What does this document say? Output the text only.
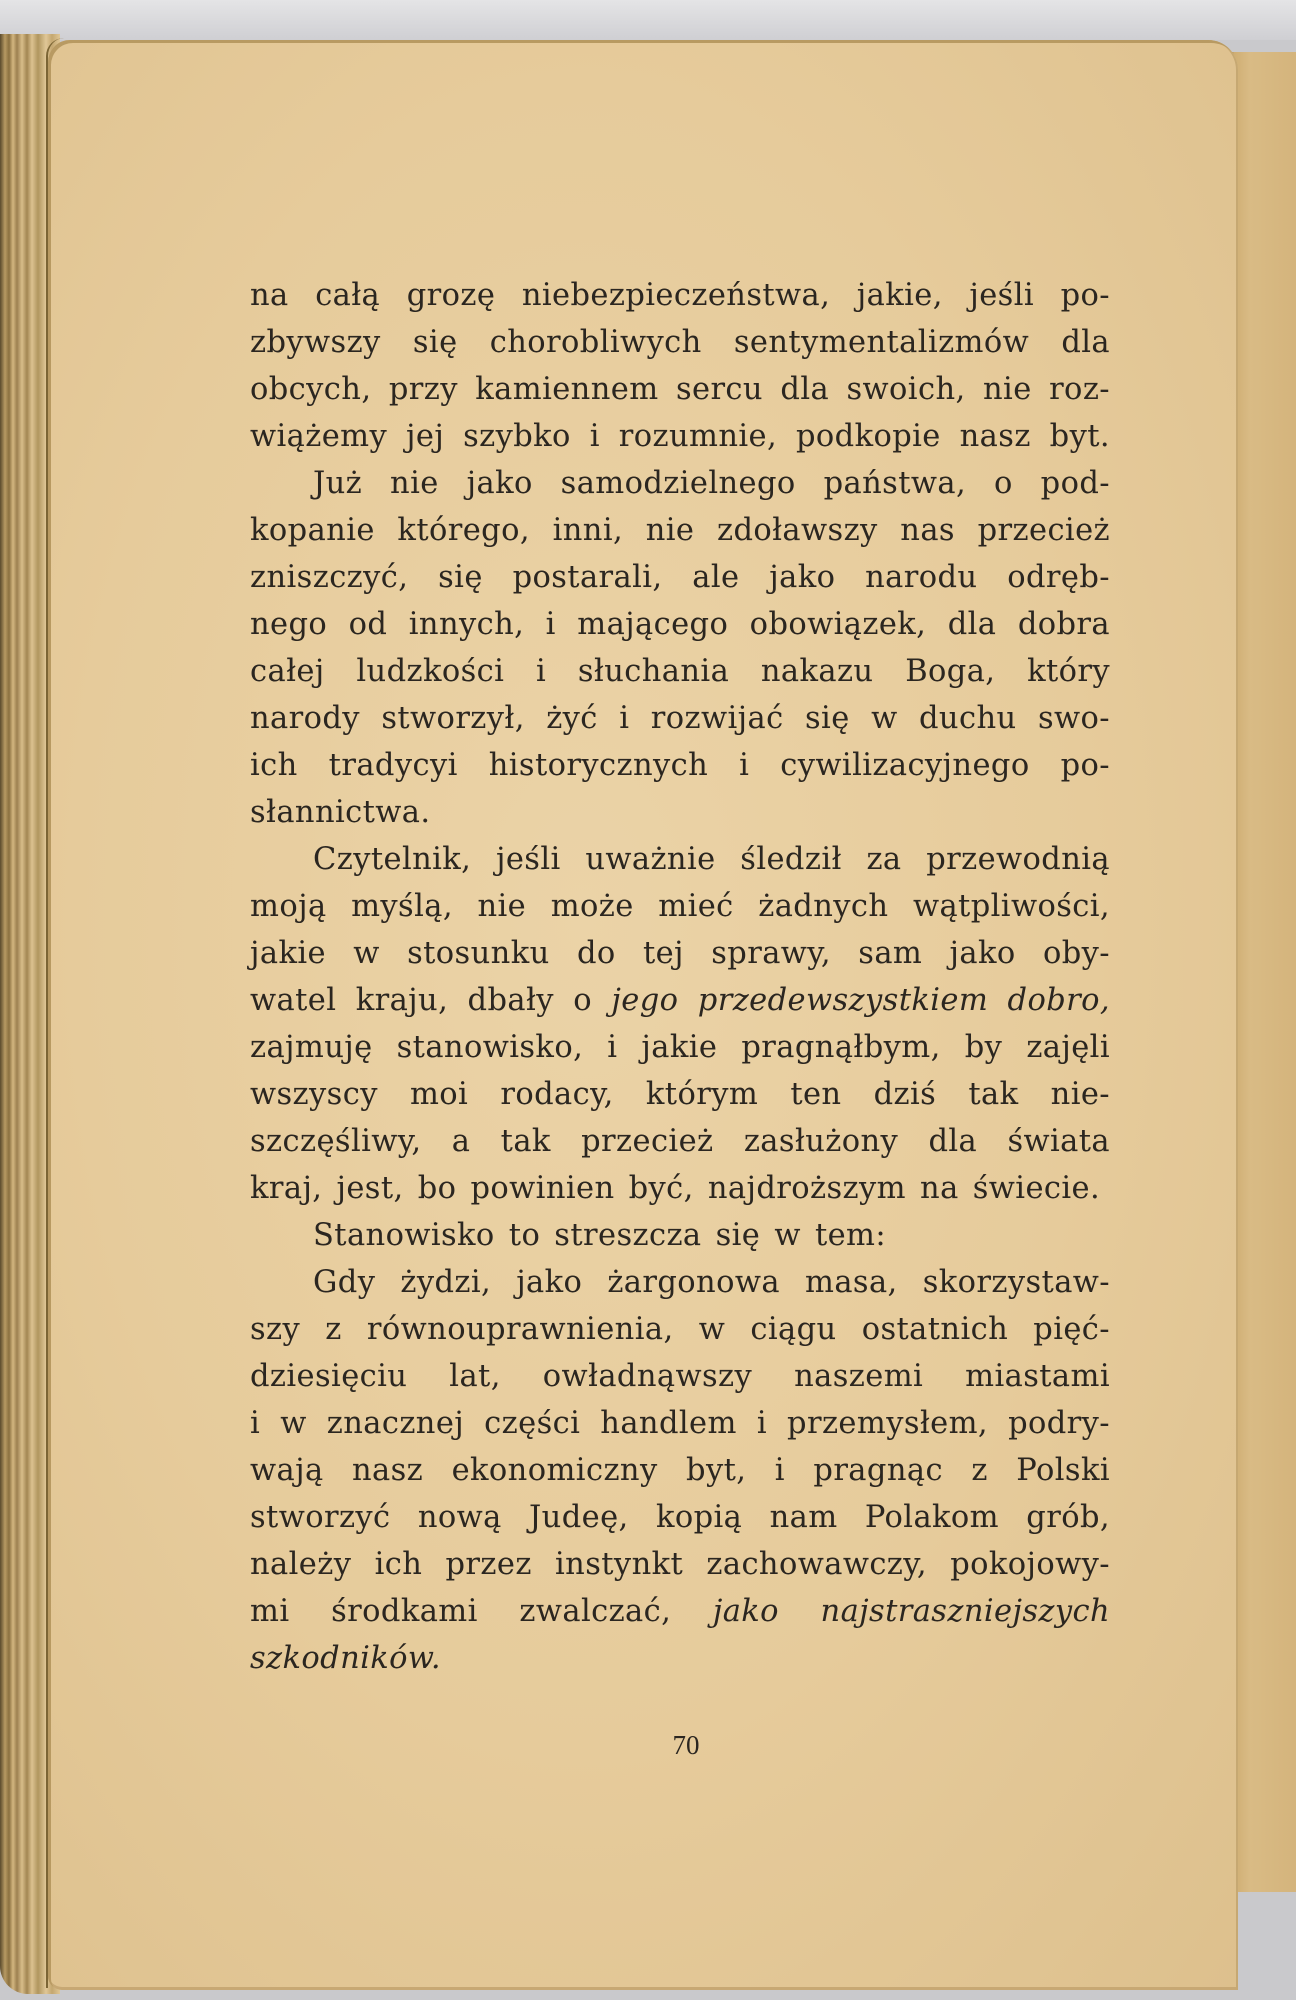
na całą grozę niebezpieczeństwa, jakie, jeśli po-
zbywszy się chorobliwych sentymentalizmów dla
obcych, przy kamiennem sercu dla swoich, nie roz-
wiążemy jej szybko i rozumnie, podkopie nasz byt.
Już nie jako samodzielnego państwa, o pod-
kopanie którego, inni, nie zdoławszy nas przecież
zniszczyć, się postarali, ale jako narodu odręb-
nego od innych, i mającego obowiązek, dla dobra
całej ludzkości i słuchania nakazu Boga, który
narody stworzył, żyć i rozwijać się w duchu swo-
ich tradycyi historycznych i cywilizacyjnego po-
słannictwa.
Czytelnik, jeśli uważnie śledził za przewodnią
moją myślą, nie może mieć żadnych wątpliwości,
jakie w stosunku do tej sprawy, sam jako oby-
watel kraju, dbały o jego przedewszystkiem dobro,
zajmuję stanowisko, i jakie pragnąłbym, by zajęli
wszyscy moi rodacy, którym ten dziś tak nie-
szczęśliwy, a tak przecież zasłużony dla świata
kraj, jest, bo powinien być, najdroższym na świecie.
Stanowisko to streszcza się w tem:
Gdy żydzi, jako żargonowa masa, skorzystaw-
szy z równouprawnienia, w ciągu ostatnich pięć-
dziesięciu lat, owładnąwszy naszemi miastami
i w znacznej części handlem i przemysłem, podry-
wają nasz ekonomiczny byt, i pragnąc z Polski
stworzyć nową Judeę, kopią nam Polakom grób,
należy ich przez instynkt zachowawczy, pokojowy-
mi środkami zwalczać, jako najstraszniejszych
szkodników.
70
